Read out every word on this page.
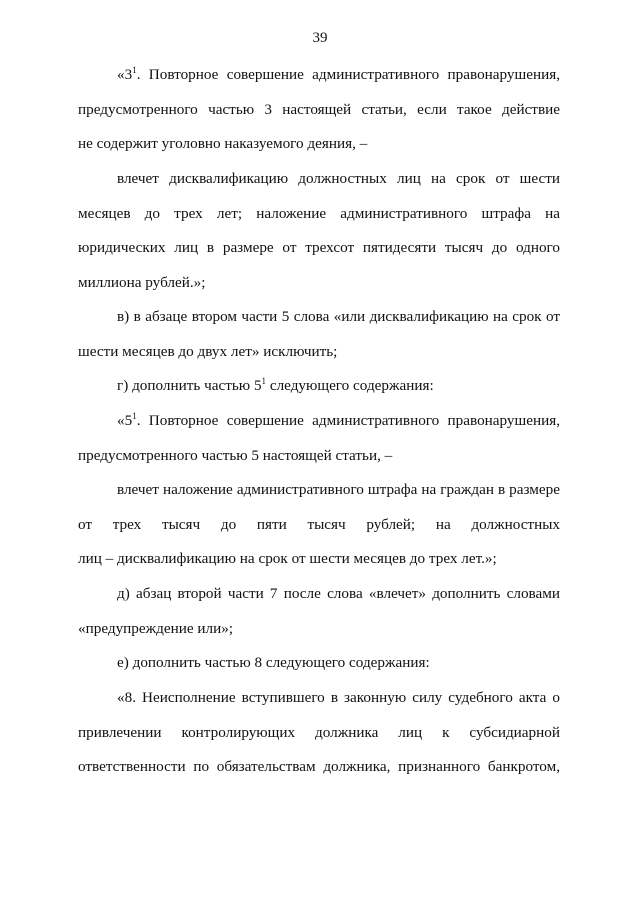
39
«$3^1$. Повторное совершение административного правонарушения,
предусмотренного частью 3 настоящей статьи, если такое действие
не содержит уголовно наказуемого деяния, –
влечет дисквалификацию должностных лиц на срок от шести
месяцев до трех лет; наложение административного штрафа на
юридических лиц в размере от трехсот пятидесяти тысяч до одного
миллиона рублей.»;
в) в абзаце втором части 5 слова «или дисквалификацию на срок от
шести месяцев до двух лет» исключить;
г) дополнить частью $5^1$ следующего содержания:
«$5^1$. Повторное совершение административного правонарушения,
предусмотренного частью 5 настоящей статьи, –
влечет наложение административного штрафа на граждан в размере
от трех тысяч до пяти тысяч рублей; на должностных
лиц – дисквалификацию на срок от шести месяцев до трех лет.»;
д) абзац второй части 7 после слова «влечет» дополнить словами
«предупреждение или»;
е) дополнить частью 8 следующего содержания:
«8. Неисполнение вступившего в законную силу судебного акта о
привлечении контролирующих должника лиц к субсидиарной
ответственности по обязательствам должника, признанного банкротом,
